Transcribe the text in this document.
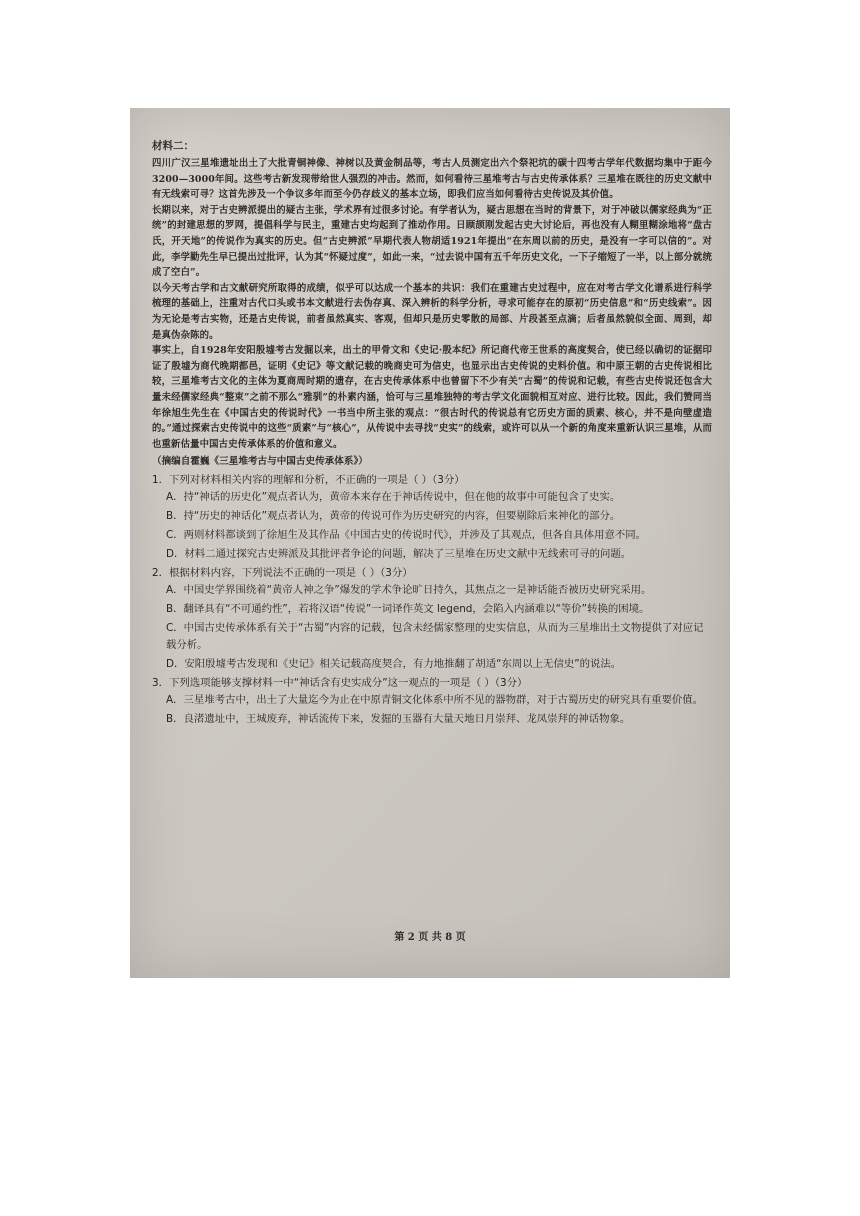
材料二：

四川广汉三星堆遗址出土了大批青铜神像、神树以及黄金制品等，考古人员测定出六个祭祀坑的碳十四考古学年代数据均集中于距今3200—3000年间。这些考古新发现带给世人强烈的冲击。然而，如何看待三星堆考古与古史传承体系？三星堆在既往的历史文献中有无线索可寻？这首先涉及一个争议多年而至今仍存歧义的基本立场，即我们应当如何看待古史传说及其价值。

长期以来，对于古史辨派提出的疑古主张，学术界有过很多讨论。有学者认为，疑古思想在当时的背景下，对于冲破以儒家经典为“正统”的封建思想的罗网，提倡科学与民主，重建古史均起到了推动作用。日顾颉刚发起古史大讨论后，再也没有人糊里糊涂地将“盘古氏，开天地”的传说作为真实的历史。但“古史辨派”早期代表人物胡适1921年提出“在东周以前的历史，是没有一字可以信的”。对此，李学勤先生早已提出过批评，认为其“怀疑过度”，如此一来，“过去说中国有五千年历史文化，一下子缩短了一半，以上部分就统成了空白”。

以今天考古学和古文献研究所取得的成绩，似乎可以达成一个基本的共识：我们在重建古史过程中，应在对考古学文化谱系进行科学梳理的基础上，注重对古代口头或书本文献进行去伪存真、深入辨析的科学分析，寻求可能存在的原初“历史信息”和“历史线索”。因为无论是考古实物，还是古史传说，前者虽然真实、客观，但却只是历史零散的局部、片段甚至点滴；后者虽然貌似全面、周到，却是真伪杂陈的。

事实上，自1928年安阳殷墟考古发掘以来，出土的甲骨文和《史记·殷本纪》所记商代帝王世系的高度契合，使已经以确切的证据印证了殷墟为商代晚期都邑，证明《史记》等文献记载的晚商史可为信史，也显示出古史传说的史料价值。和中原王朝的古史传说相比较，三星堆考古文化的主体为夏商周时期的遗存，在古史传承体系中也曾留下不少有关“古蜀”的传说和记载，有些古史传说还包含大量未经儒家经典“整束”之前不那么“雅驯”的朴素内涵，恰可与三星堆独特的考古学文化面貌相互对应、进行比较。因此，我们赞同当年徐旭生先生在《中国古史的传说时代》一书当中所主张的观点：“很古时代的传说总有它历史方面的质素、核心，并不是向壁虚造的。”通过探索古史传说中的这些“质素”与“核心”，从传说中去寻找“史实”的线索，或许可以从一个新的角度来重新认识三星堆，从而也重新估量中国古史传承体系的价值和意义。

（摘编自霍巍《三星堆考古与中国古史传承体系》）

1．下列对材料相关内容的理解和分析，不正确的一项是（ ）（3分）

A．持“神话的历史化”观点者认为，黄帝本来存在于神话传说中，但在他的故事中可能包含了史实。

B．持“历史的神话化”观点者认为，黄帝的传说可作为历史研究的内容，但要剔除后来神化的部分。

C．两则材料都谈到了徐旭生及其作品《中国古史的传说时代》，并涉及了其观点，但各自具体用意不同。

D．材料二通过探究古史辨派及其批评者争论的问题，解决了三星堆在历史文献中无线索可寻的问题。

2．根据材料内容，下列说法不正确的一项是（ ）（3分）

A．中国史学界围绕着“黄帝人神之争”爆发的学术争论旷日持久，其焦点之一是神话能否被历史研究采用。

B．翻译具有“不可通约性”，若将汉语“传说”一词译作英文 legend，会陷入内涵难以“等价”转换的困境。

C．中国古史传承体系有关于“古蜀”内容的记载，包含未经儒家整理的史实信息，从而为三星堆出土文物提供了对应记载分析。

D．安阳殷墟考古发现和《史记》相关记载高度契合，有力地推翻了胡适“东周以上无信史”的说法。

3．下列选项能够支撑材料一中“神话含有史实成分”这一观点的一项是（ ）（3分）

A．三星堆考古中，出土了大量迄今为止在中原青铜文化体系中所不见的器物群，对于古蜀历史的研究具有重要价值。

B．良渚遗址中，王城废弃，神话流传下来，发掘的玉器有大量天地日月崇拜、龙凤崇拜的神话物象。

第 2 页 共 8 页
